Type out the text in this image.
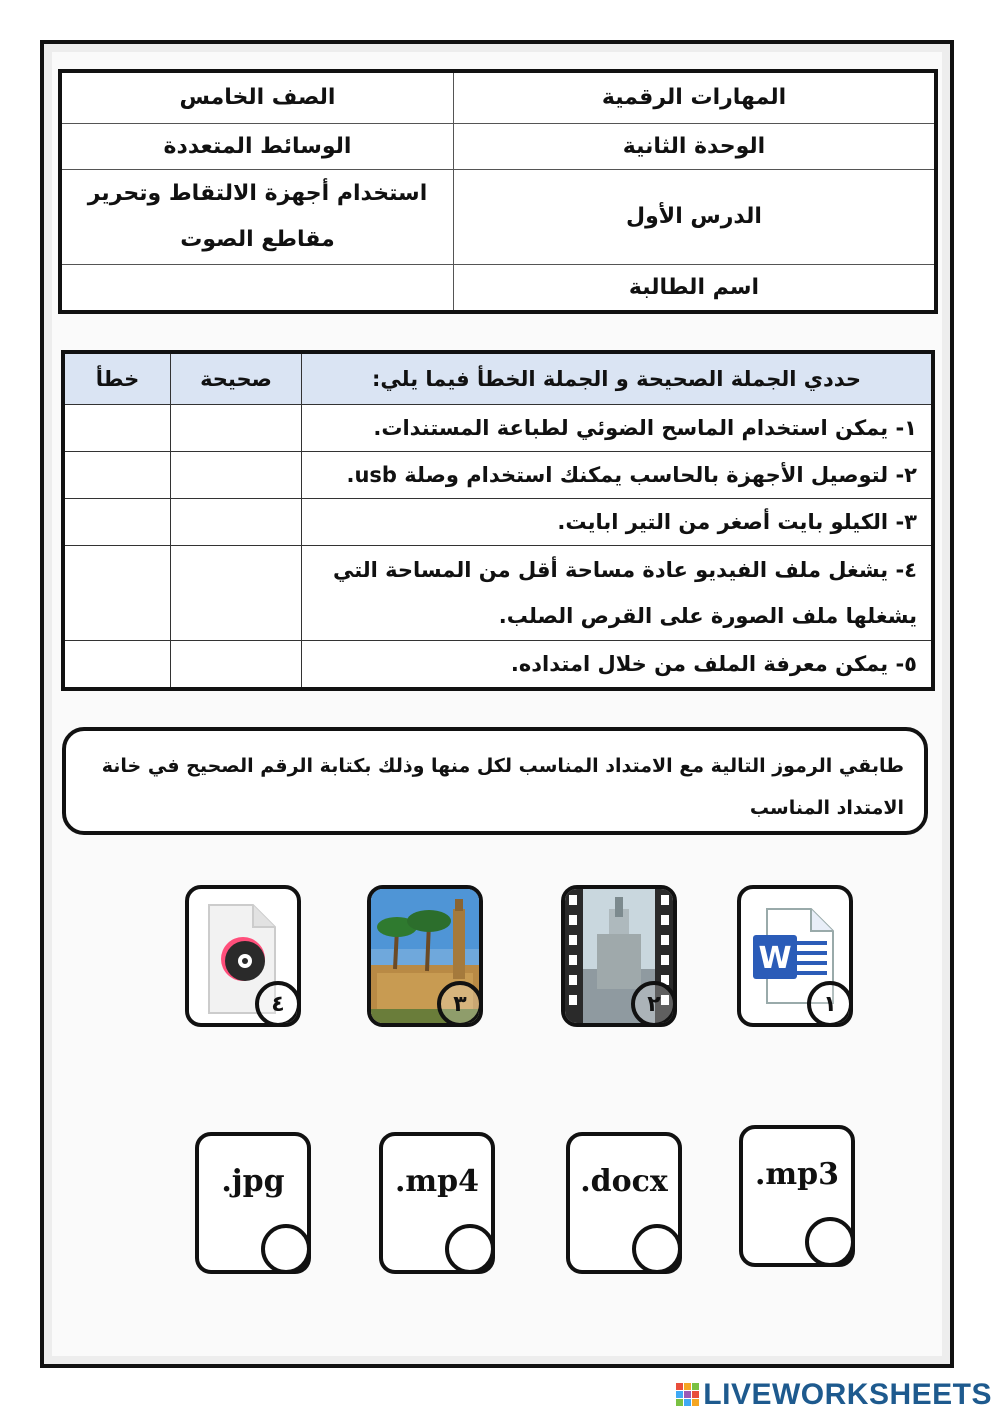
المهارات الرقمية	الصف الخامس
الوحدة الثانية	الوسائط المتعددة
الدرس الأول	استخدام أجهزة الالتقاط وتحرير مقاطع الصوت
اسم الطالبة	
حددي الجملة الصحيحة و الجملة الخطأ فيما يلي:	صحيحة	خطأ
١- يمكن استخدام الماسح الضوئي لطباعة المستندات.		
٢- لتوصيل الأجهزة بالحاسب يمكنك استخدام وصلة usb.		
٣- الكيلو بايت أصغر من التير ابايت.		
٤- يشغل ملف الفيديو عادة مساحة أقل من المساحة التي يشغلها ملف الصورة على القرص الصلب.		
٥- يمكن معرفة الملف من خلال امتداده.		
طابقي الرموز التالية مع الامتداد المناسب لكل منها وذلك بكتابة الرقم الصحيح في خانة الامتداد المناسب
W
١
٢
٣
٤
.mp3
.docx
.mp4
.jpg
LIVEWORKSHEETS
